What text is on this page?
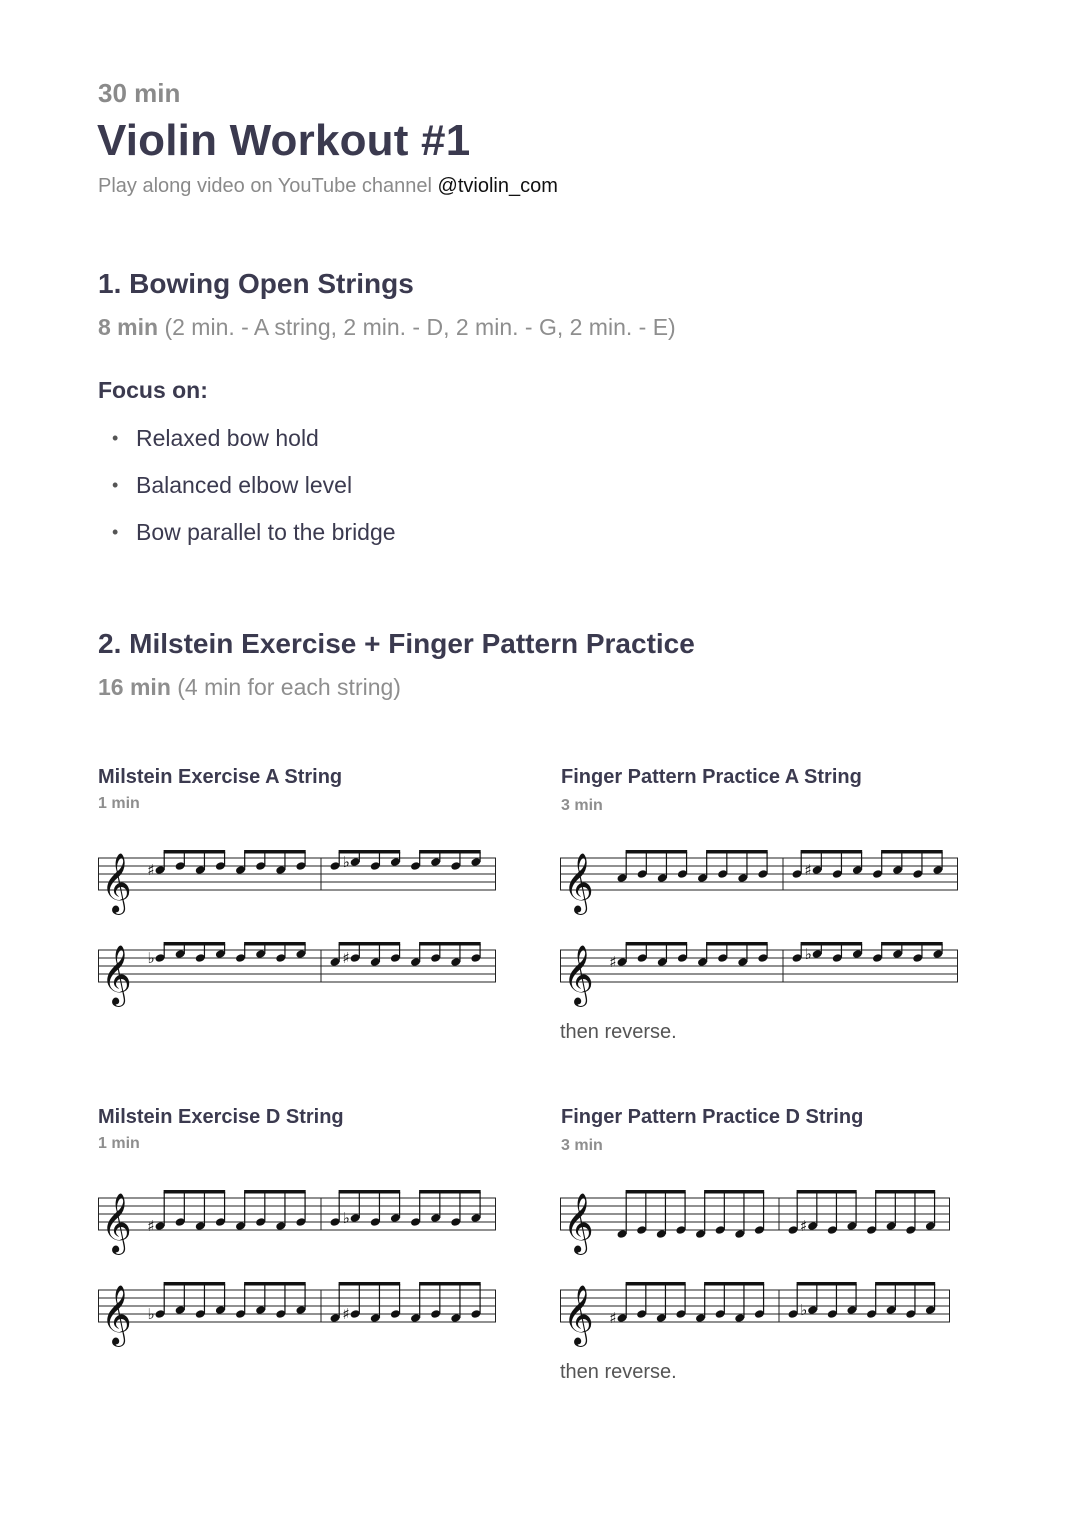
30 min
Violin Workout #1
Play along video on YouTube channel @tviolin_com
1. Bowing Open Strings
8 min (2 min. - A string, 2 min. - D, 2 min. - G, 2 min. - E)
Focus on:
• Relaxed bow hold
• Balanced elbow level
• Bow parallel to the bridge
2. Milstein Exercise + Finger Pattern Practice
16 min (4 min for each string)
Milstein Exercise A String
1 min
Finger Pattern Practice A String
3 min
then reverse.
Milstein Exercise D String
1 min
Finger Pattern Practice D String
3 min
then reverse.
𝄞 ♯	♭
𝄞 ♭	♯
𝄞	♯
𝄞 ♯	♭
𝄞 ♯	♭
𝄞 ♭	♯
𝄞	♯
𝄞 ♯	♭
